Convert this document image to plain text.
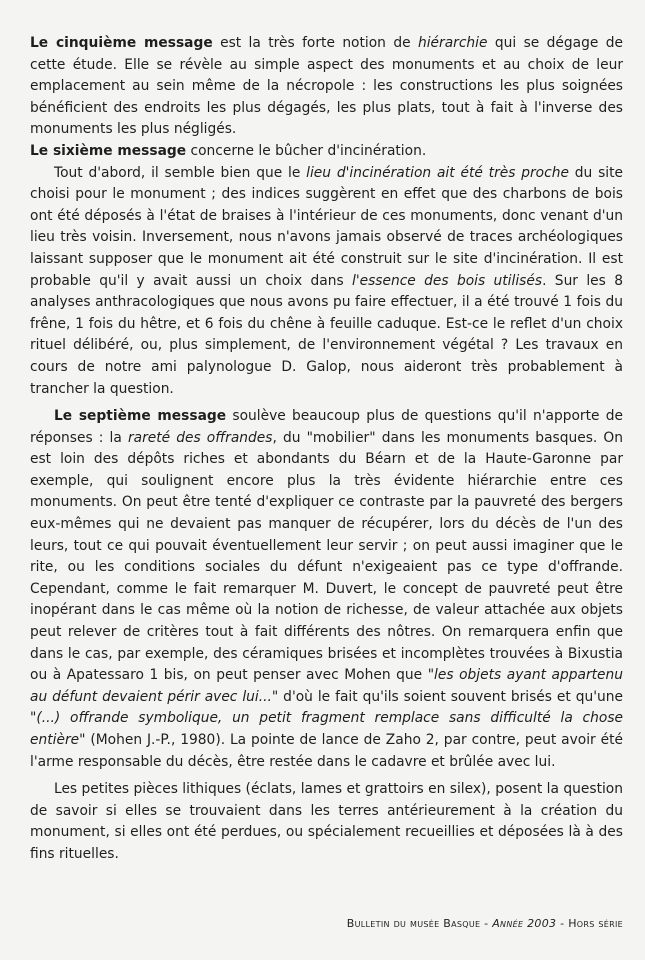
Le cinquième message est la très forte notion de hiérarchie qui se dégage de cette étude. Elle se révèle au simple aspect des monuments et au choix de leur emplacement au sein même de la nécropole : les constructions les plus soignées bénéficient des endroits les plus dégagés, les plus plats, tout à fait à l'inverse des monuments les plus négligés.

Le sixième message concerne le bûcher d'incinération.

Tout d'abord, il semble bien que le lieu d'incinération ait été très proche du site choisi pour le monument ; des indices suggèrent en effet que des charbons de bois ont été déposés à l'état de braises à l'intérieur de ces monuments, donc venant d'un lieu très voisin. Inversement, nous n'avons jamais observé de traces archéologiques laissant supposer que le monument ait été construit sur le site d'incinération. Il est probable qu'il y avait aussi un choix dans l'essence des bois utilisés. Sur les 8 analyses anthracologiques que nous avons pu faire effectuer, il a été trouvé 1 fois du frêne, 1 fois du hêtre, et 6 fois du chêne à feuille caduque. Est-ce le reflet d'un choix rituel délibéré, ou, plus simplement, de l'environnement végétal ? Les travaux en cours de notre ami palynologue D. Galop, nous aideront très probablement à trancher la question.

Le septième message soulève beaucoup plus de questions qu'il n'apporte de réponses : la rareté des offrandes, du "mobilier" dans les monuments basques. On est loin des dépôts riches et abondants du Béarn et de la Haute-Garonne par exemple, qui soulignent encore plus la très évidente hiérarchie entre ces monuments. On peut être tenté d'expliquer ce contraste par la pauvreté des bergers eux-mêmes qui ne devaient pas manquer de récupérer, lors du décès de l'un des leurs, tout ce qui pouvait éventuellement leur servir ; on peut aussi imaginer que le rite, ou les conditions sociales du défunt n'exigeaient pas ce type d'offrande. Cependant, comme le fait remarquer M. Duvert, le concept de pauvreté peut être inopérant dans le cas même où la notion de richesse, de valeur attachée aux objets peut relever de critères tout à fait différents des nôtres. On remarquera enfin que dans le cas, par exemple, des céramiques brisées et incomplètes trouvées à Bixustia ou à Apatessaro 1 bis, on peut penser avec Mohen que "les objets ayant appartenu au défunt devaient périr avec lui..." d'où le fait qu'ils soient souvent brisés et qu'une "(...) offrande symbolique, un petit fragment remplace sans difficulté la chose entière" (Mohen J.-P., 1980). La pointe de lance de Zaho 2, par contre, peut avoir été l'arme responsable du décès, être restée dans le cadavre et brûlée avec lui.

Les petites pièces lithiques (éclats, lames et grattoirs en silex), posent la question de savoir si elles se trouvaient dans les terres antérieurement à la création du monument, si elles ont été perdues, ou spécialement recueillies et déposées là à des fins rituelles.

Bulletin du musée Basque - Année 2003 - Hors série
